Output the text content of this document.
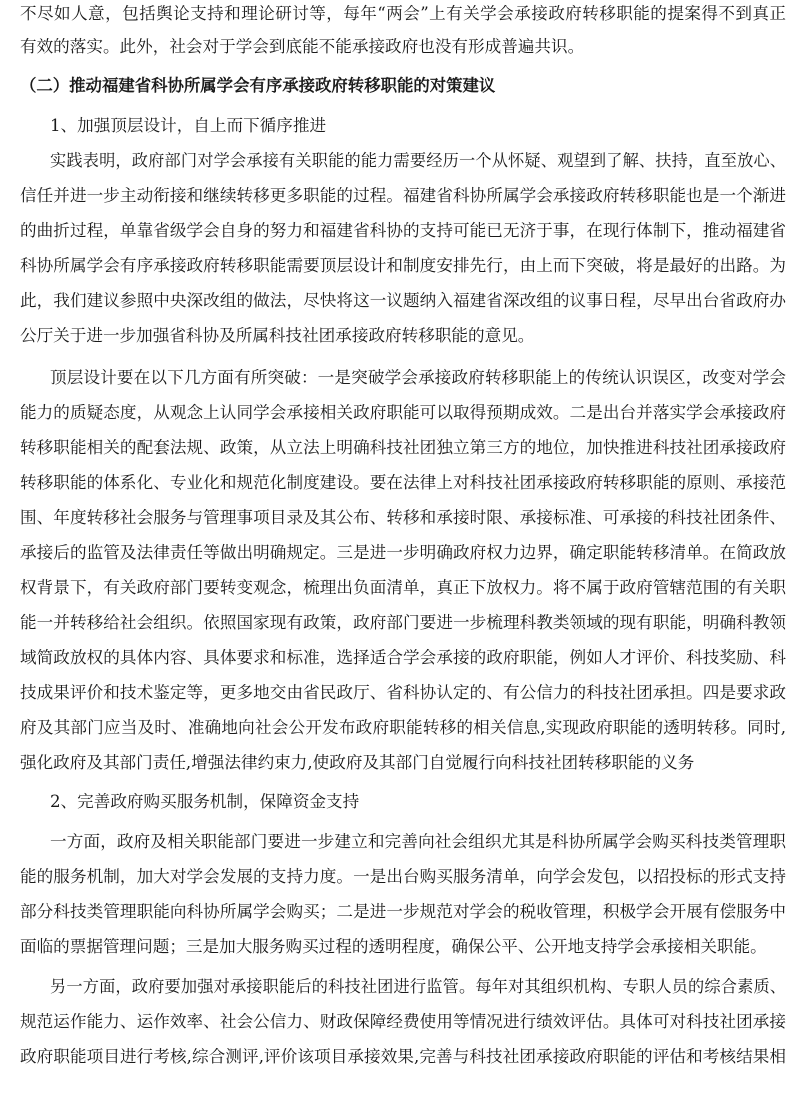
不尽如人意，包括舆论支持和理论研讨等，每年“两会”上有关学会承接政府转移职能的提案得不到真正
有效的落实。此外，社会对于学会到底能不能承接政府也没有形成普遍共识。
（二）推动福建省科协所属学会有序承接政府转移职能的对策建议
1、加强顶层设计，自上而下循序推进
实践表明，政府部门对学会承接有关职能的能力需要经历一个从怀疑、观望到了解、扶持，直至放心、
信任并进一步主动衔接和继续转移更多职能的过程。福建省科协所属学会承接政府转移职能也是一个渐进
的曲折过程，单靠省级学会自身的努力和福建省科协的支持可能已无济于事，在现行体制下，推动福建省
科协所属学会有序承接政府转移职能需要顶层设计和制度安排先行，由上而下突破，将是最好的出路。为
此，我们建议参照中央深改组的做法，尽快将这一议题纳入福建省深改组的议事日程，尽早出台省政府办
公厅关于进一步加强省科协及所属科技社团承接政府转移职能的意见。
顶层设计要在以下几方面有所突破：一是突破学会承接政府转移职能上的传统认识误区，改变对学会
能力的质疑态度，从观念上认同学会承接相关政府职能可以取得预期成效。二是出台并落实学会承接政府
转移职能相关的配套法规、政策，从立法上明确科技社团独立第三方的地位，加快推进科技社团承接政府
转移职能的体系化、专业化和规范化制度建设。要在法律上对科技社团承接政府转移职能的原则、承接范
围、年度转移社会服务与管理事项目录及其公布、转移和承接时限、承接标准、可承接的科技社团条件、
承接后的监管及法律责任等做出明确规定。三是进一步明确政府权力边界，确定职能转移清单。在简政放
权背景下，有关政府部门要转变观念，梳理出负面清单，真正下放权力。将不属于政府管辖范围的有关职
能一并转移给社会组织。依照国家现有政策，政府部门要进一步梳理科教类领域的现有职能，明确科教领
域简政放权的具体内容、具体要求和标准，选择适合学会承接的政府职能，例如人才评价、科技奖励、科
技成果评价和技术鉴定等，更多地交由省民政厅、省科协认定的、有公信力的科技社团承担。四是要求政
府及其部门应当及时、准确地向社会公开发布政府职能转移的相关信息,实现政府职能的透明转移。同时,
强化政府及其部门责任,增强法律约束力,使政府及其部门自觉履行向科技社团转移职能的义务
2、完善政府购买服务机制，保障资金支持
一方面，政府及相关职能部门要进一步建立和完善向社会组织尤其是科协所属学会购买科技类管理职
能的服务机制，加大对学会发展的支持力度。一是出台购买服务清单，向学会发包，以招投标的形式支持
部分科技类管理职能向科协所属学会购买；二是进一步规范对学会的税收管理，积极学会开展有偿服务中
面临的票据管理问题；三是加大服务购买过程的透明程度，确保公平、公开地支持学会承接相关职能。
另一方面，政府要加强对承接职能后的科技社团进行监管。每年对其组织机构、专职人员的综合素质、
规范运作能力、运作效率、社会公信力、财政保障经费使用等情况进行绩效评估。具体可对科技社团承接
政府职能项目进行考核,综合测评,评价该项目承接效果,完善与科技社团承接政府职能的评估和考核结果相
